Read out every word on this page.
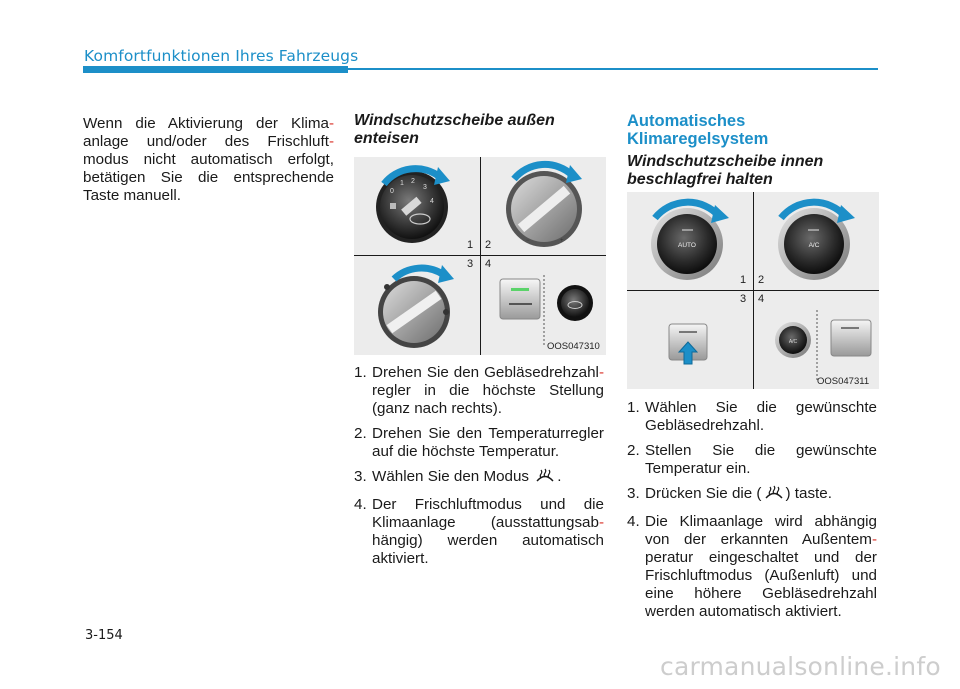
Komfortfunktionen Ihres Fahrzeugs
Wenn die Aktivierung der Klima-
anlage und/oder des Frischluft-
modus nicht automatisch erfolgt,
betätigen Sie die entsprechende
Taste manuell.
Windschutzscheibe außen
enteisen
0
1 2
3
4
−	+
1 2
3 4
OOS047310
1. Drehen Sie den Gebläsedrehzahl-
regler in die höchste Stellung
(ganz nach rechts).
2. Drehen Sie den Temperaturregler
auf die höchste Temperatur.
3. Wählen Sie den Modus .
4. Der Frischluftmodus und die
Klimaanlage (ausstattungsab-
hängig) werden automatisch
aktiviert.
Automatisches
Klimaregelsystem
Windschutzscheibe innen
beschlagfrei halten
AUTO	A/C
A/C
1 2
3 4
OOS047311
1. Wählen Sie die gewünschte
Gebläsedrehzahl.
2. Stellen Sie die gewünschte
Temperatur ein.
3. Drücken Sie die ( ) taste.
4. Die Klimaanlage wird abhängig
von der erkannten Außentem-
peratur eingeschaltet und der
Frischluftmodus (Außenluft) und
eine höhere Gebläsedrehzahl
werden automatisch aktiviert.
3-154
carmanualsonline.info
